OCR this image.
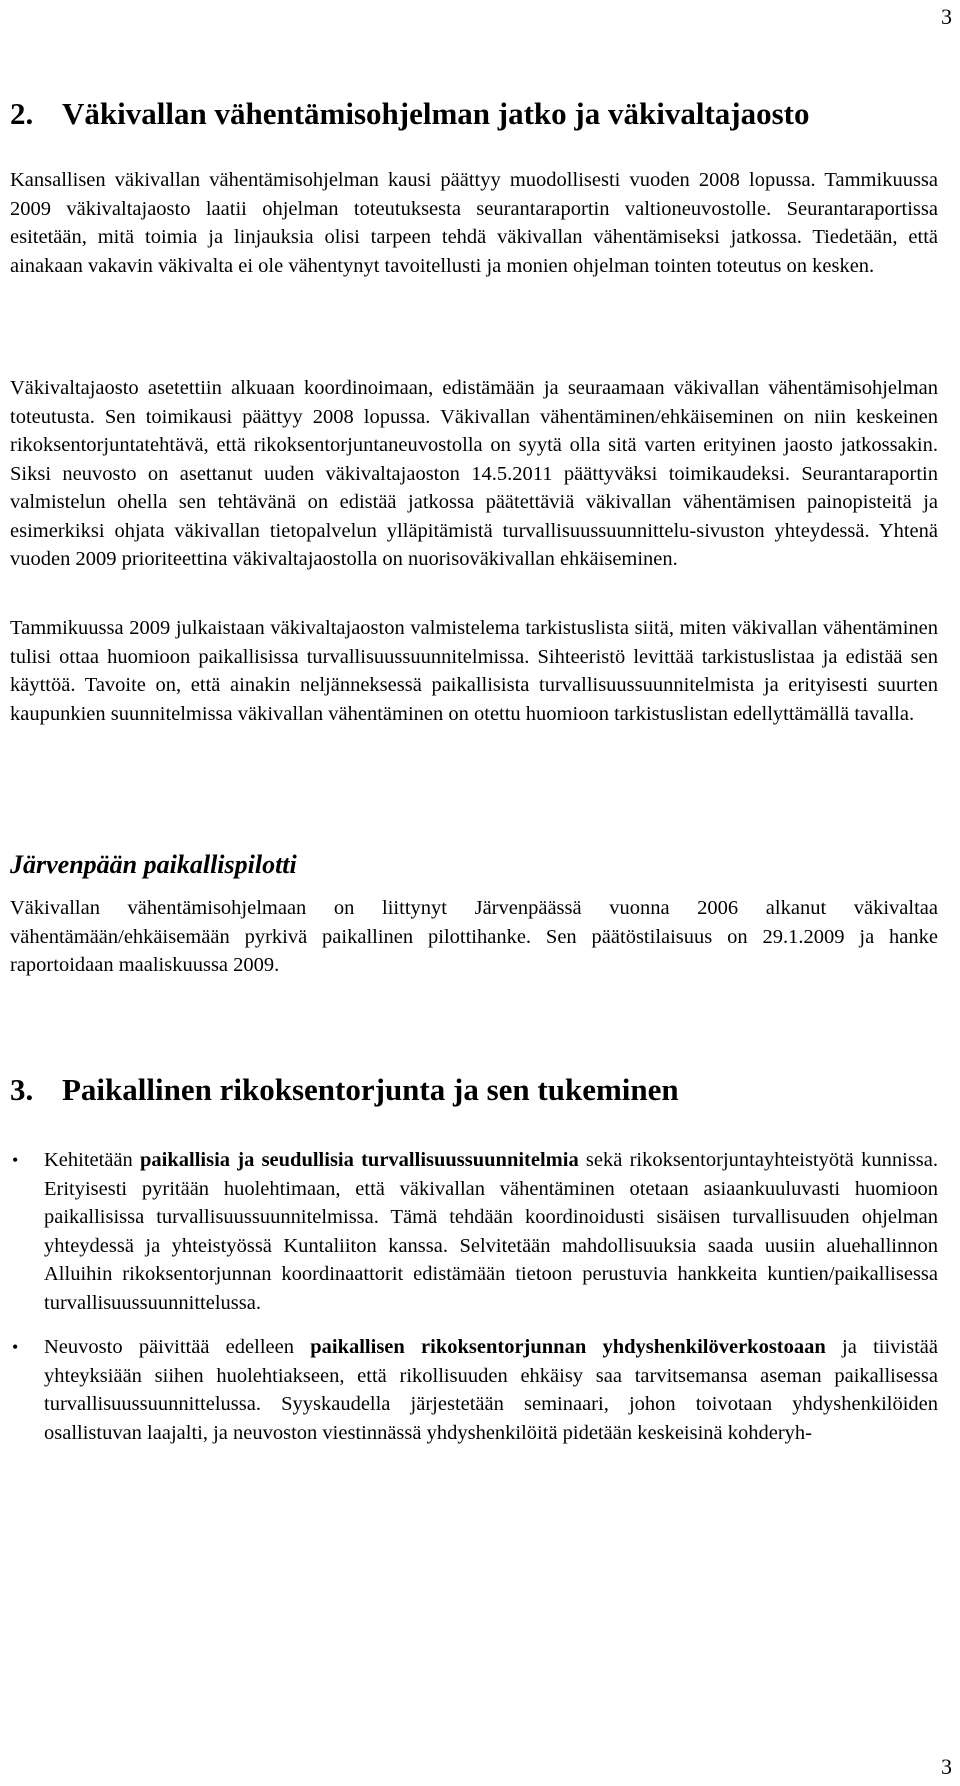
3
2. Väkivallan vähentämisohjelman jatko ja väkivaltajaosto

Kansallisen väkivallan vähentämisohjelman kausi päättyy muodollisesti vuoden 2008 lopussa. Tammikuussa 2009 väkivaltajaosto laatii ohjelman toteutuksesta seurantaraportin valtioneuvostolle. Seurantaraportissa esitetään, mitä toimia ja linjauksia olisi tarpeen tehdä väkivallan vähentämiseksi jatkossa. Tiedetään, että ainakaan vakavin väkivalta ei ole vähentynyt tavoitellusti ja monien ohjelman tointen toteutus on kesken.

Väkivaltajaosto asetettiin alkuaan koordinoimaan, edistämään ja seuraamaan väkivallan vähentämisohjelman toteutusta. Sen toimikausi päättyy 2008 lopussa. Väkivallan vähentäminen/ehkäiseminen on niin keskeinen rikoksentorjuntatehtävä, että rikoksentorjuntaneuvostolla on syytä olla sitä varten erityinen jaosto jatkossakin. Siksi neuvosto on asettanut uuden väkivaltajaoston 14.5.2011 päättyväksi toimikaudeksi. Seurantaraportin valmistelun ohella sen tehtävänä on edistää jatkossa päätettäviä väkivallan vähentämisen painopisteitä ja esimerkiksi ohjata väkivallan tietopalvelun ylläpitämistä turvallisuussuunnittelu-sivuston yhteydessä. Yhtenä vuoden 2009 prioriteettina väkivaltajaostolla on nuorisoväkivallan ehkäiseminen.

Tammikuussa 2009 julkaistaan väkivaltajaoston valmistelema tarkistuslista siitä, miten väkivallan vähentäminen tulisi ottaa huomioon paikallisissa turvallisuussuunnitelmissa. Sihteeristö levittää tarkistuslistaa ja edistää sen käyttöä. Tavoite on, että ainakin neljänneksessä paikallisista turvallisuussuunnitelmista ja erityisesti suurten kaupunkien suunnitelmissa väkivallan vähentäminen on otettu huomioon tarkistuslistan edellyttämällä tavalla.

Järvenpään paikallispilotti

Väkivallan vähentämisohjelmaan on liittynyt Järvenpäässä vuonna 2006 alkanut väkivaltaa vähentämään/ehkäisemään pyrkivä paikallinen pilottihanke. Sen päätöstilaisuus on 29.1.2009 ja hanke raportoidaan maaliskuussa 2009.

3. Paikallinen rikoksentorjunta ja sen tukeminen
• Kehitetään paikallisia ja seudullisia turvallisuussuunnitelmia sekä rikoksentorjuntayhteistyötä kunnissa. Erityisesti pyritään huolehtimaan, että väkivallan vähentäminen otetaan asiaankuuluvasti huomioon paikallisissa turvallisuussuunnitelmissa. Tämä tehdään koordinoidusti sisäisen turvallisuuden ohjelman yhteydessä ja yhteistyössä Kuntaliiton kanssa. Selvitetään mahdollisuuksia saada uusiin aluehallinnon Alluihin rikoksentorjunnan koordinaattorit edistämään tietoon perustuvia hankkeita kuntien/paikallisessa turvallisuussuunnittelussa.
• Neuvosto päivittää edelleen paikallisen rikoksentorjunnan yhdyshenkilöverkostoaan ja tiivistää yhteyksiään siihen huolehtiakseen, että rikollisuuden ehkäisy saa tarvitsemansa aseman paikallisessa turvallisuussuunnittelussa. Syyskaudella järjestetään seminaari, johon toivotaan yhdyshenkilöiden osallistuvan laajalti, ja neuvoston viestinnässä yhdyshenkilöitä pidetään keskeisinä kohderyh-
3
